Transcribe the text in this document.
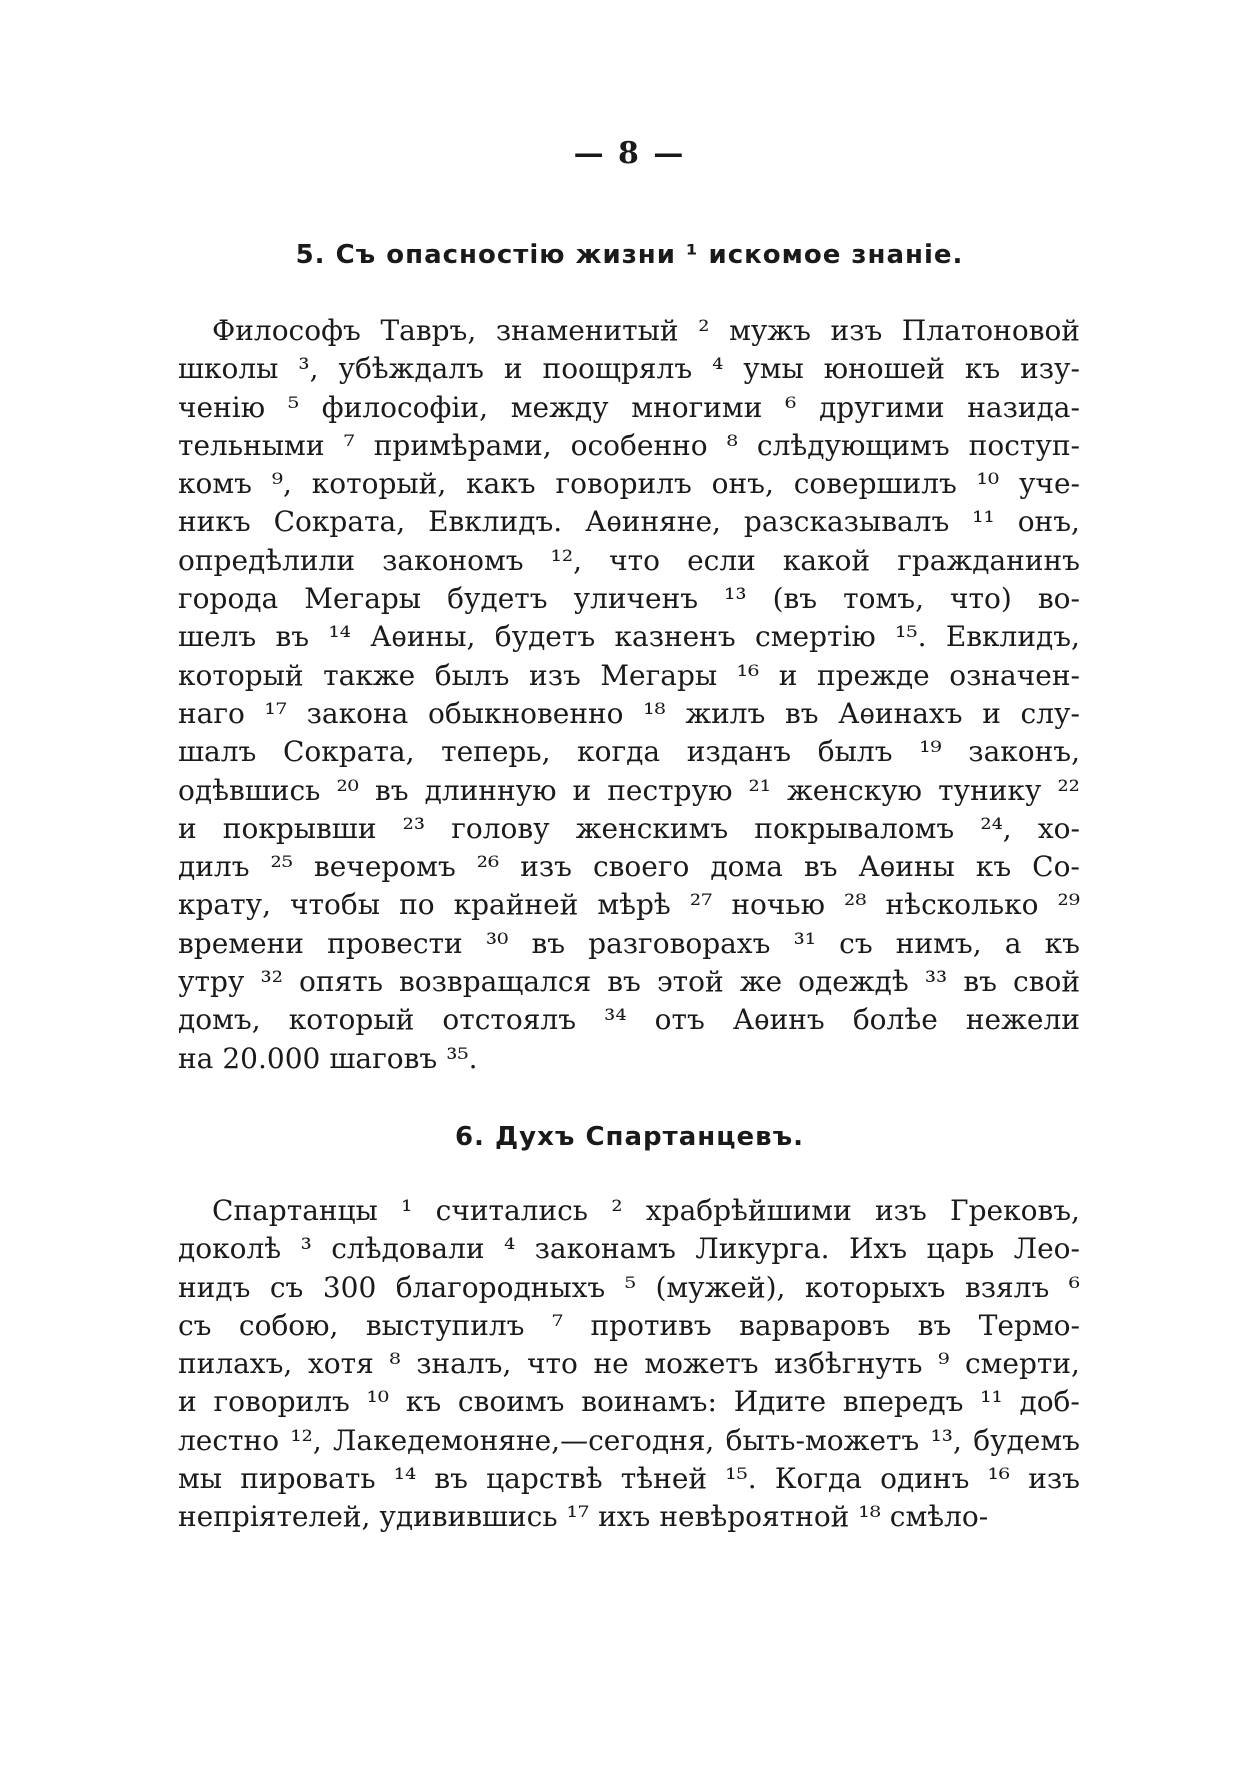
— 8 —
5. Съ опасностію жизни ¹ искомое знаніе.
Философъ Тавръ, знаменитый ² мужъ изъ Платоновой
школы ³, убѣждалъ и поощрялъ ⁴ умы юношей къ изу-
ченію ⁵ философіи, между многими ⁶ другими назида-
тельными ⁷ примѣрами, особенно ⁸ слѣдующимъ поступ-
комъ ⁹, который, какъ говорилъ онъ, совершилъ ¹⁰ уче-
никъ Сократа, Евклидъ. Аѳиняне, разсказывалъ ¹¹ онъ,
опредѣлили закономъ ¹², что если какой гражданинъ
города Мегары будетъ уличенъ ¹³ (въ томъ, что) во-
шелъ въ ¹⁴ Аѳины, будетъ казненъ смертію ¹⁵. Евклидъ,
который также былъ изъ Мегары ¹⁶ и прежде означен-
наго ¹⁷ закона обыкновенно ¹⁸ жилъ въ Аѳинахъ и слу-
шалъ Сократа, теперь, когда изданъ былъ ¹⁹ законъ,
одѣвшись ²⁰ въ длинную и пеструю ²¹ женскую тунику ²²
и покрывши ²³ голову женскимъ покрываломъ ²⁴, хо-
дилъ ²⁵ вечеромъ ²⁶ изъ своего дома въ Аѳины къ Со-
крату, чтобы по крайней мѣрѣ ²⁷ ночью ²⁸ нѣсколько ²⁹
времени провести ³⁰ въ разговорахъ ³¹ съ нимъ, а къ
утру ³² опять возвращался въ этой же одеждѣ ³³ въ свой
домъ, который отстоялъ ³⁴ отъ Аѳинъ болѣе нежели
на 20.000 шаговъ ³⁵.
6. Духъ Спартанцевъ.
Спартанцы ¹ считались ² храбрѣйшими изъ Грековъ,
доколѣ ³ слѣдовали ⁴ законамъ Ликурга. Ихъ царь Лео-
нидъ съ 300 благородныхъ ⁵ (мужей), которыхъ взялъ ⁶
съ собою, выступилъ ⁷ противъ варваровъ въ Термо-
пилахъ, хотя ⁸ зналъ, что не можетъ избѣгнуть ⁹ смерти,
и говорилъ ¹⁰ къ своимъ воинамъ: Идите впередъ ¹¹ доб-
лестно ¹², Лакедемоняне,—сегодня, быть-можетъ ¹³, будемъ
мы пировать ¹⁴ въ царствѣ тѣней ¹⁵. Когда одинъ ¹⁶ изъ
непріятелей, удивившись ¹⁷ ихъ невѣроятной ¹⁸ смѣло-
